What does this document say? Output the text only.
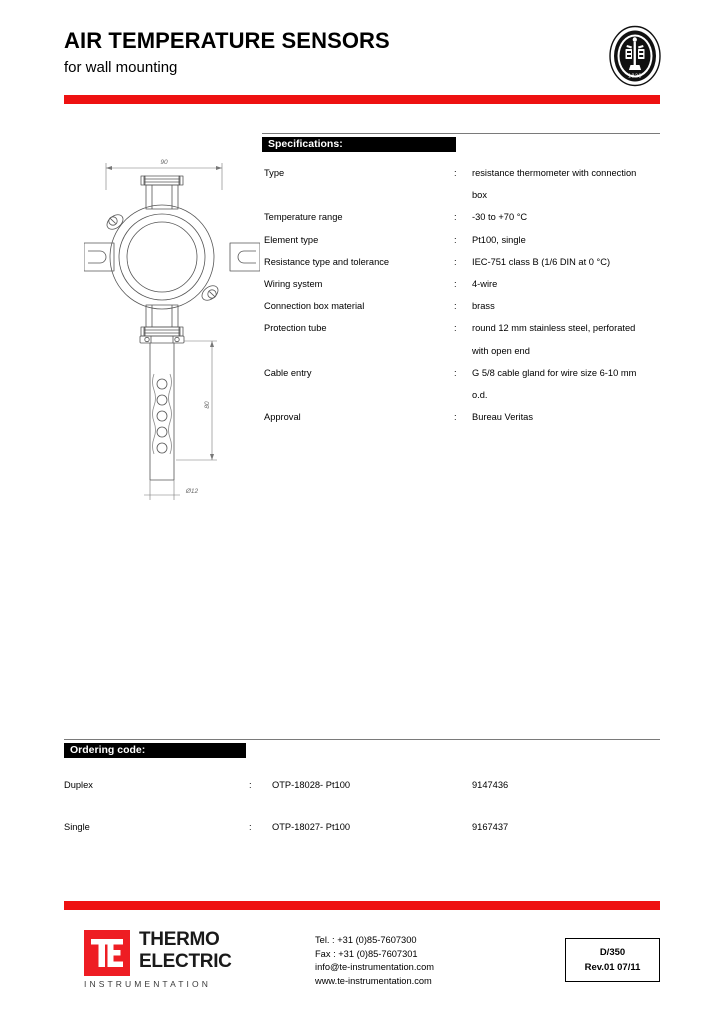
AIR TEMPERATURE SENSORS
for wall mounting
1828
90
80
Ø12
Specifications:
Type	:	resistance thermometer with connection
box
Temperature range	:	-30 to +70 °C
Element type	:	Pt100, single
Resistance type and tolerance	:	IEC-751 class B (1/6 DIN at 0 °C)
Wiring system	:	4-wire
Connection box material	:	brass
Protection tube	:	round 12 mm stainless steel, perforated
with open end
Cable entry	:	G 5/8 cable gland for wire size 6-10 mm
o.d.
Approval	:	Bureau Veritas
Ordering code:
Duplex	:	OTP-18028- Pt100	9147436
Single	:	OTP-18027- Pt100	9167437
THERMO
ELECTRIC
INSTRUMENTATION
Tel. : +31 (0)85-7607300
Fax : +31 (0)85-7607301
info@te-instrumentation.com
www.te-instrumentation.com
D/350
Rev.01 07/11
